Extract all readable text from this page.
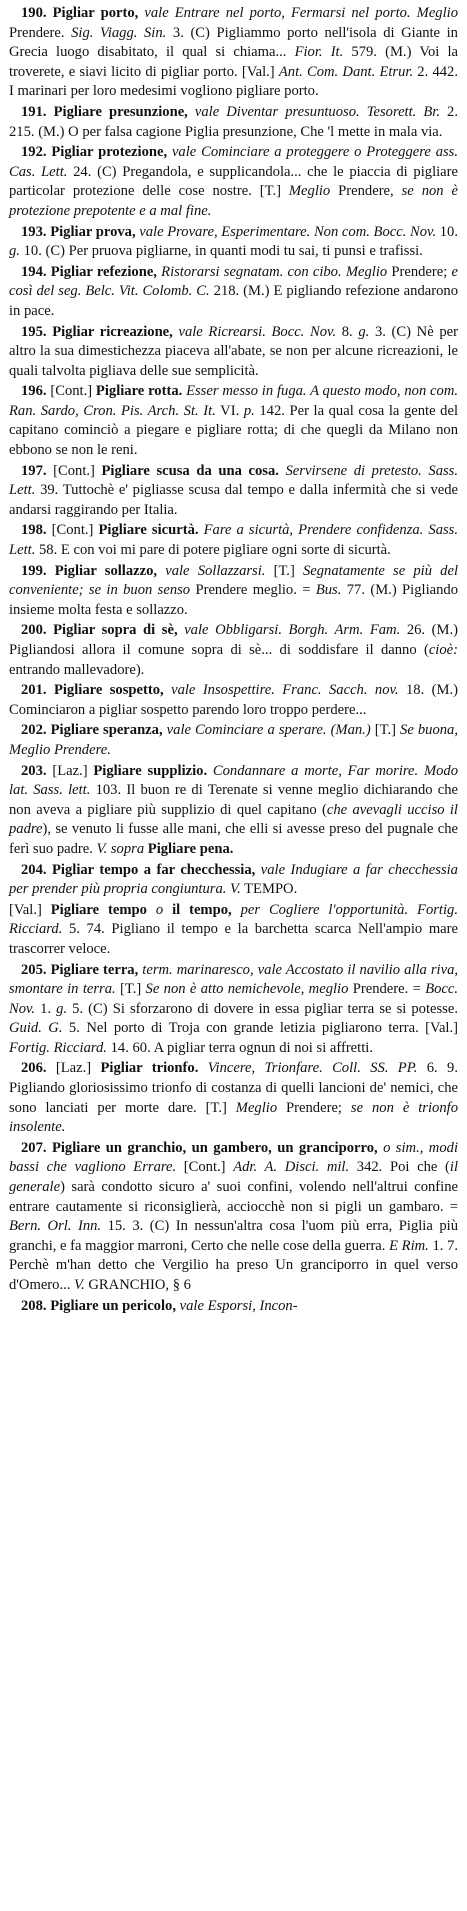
190. Pigliar porto, vale Entrare nel porto, Fermarsi nel porto. Meglio Prendere. Sig. Viagg. Sin. 3. (C) Pigliammo porto nell'isola di Giante in Grecia luogo disabitato, il qual si chiama... Fior. It. 579. (M.) Voi la troverete, e siavi licito di pigliar porto. [Val.] Ant. Com. Dant. Etrur. 2. 442. I marinari per loro medesimi vogliono pigliare porto.

191. Pigliare presunzione, vale Diventar presuntuoso. Tesorett. Br. 2. 215. (M.) O per falsa cagione Piglia presunzione, Che 'l mette in mala via.

192. Pigliar protezione, vale Cominciare a proteggere o Proteggere ass. Cas. Lett. 24. (C) Pregandola, e supplicandola... che le piaccia di pigliare particolar protezione delle cose nostre. [T.] Meglio Prendere, se non è protezione prepotente e a mal fine.

193. Pigliar prova, vale Provare, Esperimentare. Non com. Bocc. Nov. 10. g. 10. (C) Per pruova pigliarne, in quanti modi tu sai, ti punsi e trafissi.

194. Pigliar refezione, Ristorarsi segnatam. con cibo. Meglio Prendere; e così del seg. Belc. Vit. Colomb. C. 218. (M.) E pigliando refezione andarono in pace.

195. Pigliar ricreazione, vale Ricrearsi. Bocc. Nov. 8. g. 3. (C) Nè per altro la sua dimestichezza piaceva all'abate, se non per alcune ricreazioni, le quali talvolta pigliava delle sue semplicità.

196. [Cont.] Pigliare rotta. Esser messo in fuga. A questo modo, non com. Ran. Sardo, Cron. Pis. Arch. St. It. VI. p. 142. Per la qual cosa la gente del capitano cominciò a piegare e pigliare rotta; di che quegli da Milano non ebbono se non le reni.

197. [Cont.] Pigliare scusa da una cosa. Servirsene di pretesto. Sass. Lett. 39. Tuttochè e' pigliasse scusa dal tempo e dalla infermità che si vede andarsi raggirando per Italia.

198. [Cont.] Pigliare sicurtà. Fare a sicurtà, Prendere confidenza. Sass. Lett. 58. E con voi mi pare di potere pigliare ogni sorte di sicurtà.

199. Pigliar sollazzo, vale Sollazzarsi. [T.] Segnatamente se più del conveniente; se in buon senso Prendere meglio. = Bus. 77. (M.) Pigliando insieme molta festa e sollazzo.

200. Pigliar sopra di sè, vale Obbligarsi. Borgh. Arm. Fam. 26. (M.) Pigliandosi allora il comune sopra di sè... di soddisfare il danno (cioè: entrando mallevadore).

201. Pigliare sospetto, vale Insospettire. Franc. Sacch. nov. 18. (M.) Cominciaron a pigliar sospetto parendo loro troppo perdere...

202. Pigliare speranza, vale Cominciare a sperare. (Man.) [T.] Se buona, Meglio Prendere.

203. [Laz.] Pigliare supplizio. Condannare a morte, Far morire. Modo lat. Sass. lett. 103. Il buon re di Terenate si venne meglio dichiarando che non aveva a pigliare più supplizio di quel capitano (che avevagli ucciso il padre), se venuto li fusse alle mani, che elli si avesse preso del pugnale che ferì suo padre. V. sopra Pigliare pena.

204. Pigliar tempo a far checchessia, vale Indugiare a far checchessia per prender più propria congiuntura. V. TEMPO.

[Val.] Pigliare tempo o il tempo, per Cogliere l'opportunità. Fortig. Ricciard. 5. 74. Pigliano il tempo e la barchetta scarca Nell'ampio mare trascorrer veloce.

205. Pigliare terra, term. marinaresco, vale Accostato il navilio alla riva, smontare in terra. [T.] Se non è atto nemichevole, meglio Prendere. = Bocc. Nov. 1. g. 5. (C) Si sforzarono di dovere in essa pigliar terra se si potesse. Guid. G. 5. Nel porto di Troja con grande letizia pigliarono terra. [Val.] Fortig. Ricciard. 14. 60. A pigliar terra ognun di noi si affretti.

206. [Laz.] Pigliar trionfo. Vincere, Trionfare. Coll. SS. PP. 6. 9. Pigliando gloriosissimo trionfo di costanza di quelli lancioni de' nemici, che sono lanciati per morte dare. [T.] Meglio Prendere; se non è trionfo insolente.

207. Pigliare un granchio, un gambero, un granciporro, o sim., modi bassi che vagliono Errare. [Cont.] Adr. A. Disci. mil. 342. Poi che (il generale) sarà condotto sicuro a' suoi confini, volendo nell'altrui confine entrare cautamente si riconsiglierà, acciocchè non si pigli un gambaro. = Bern. Orl. Inn. 15. 3. (C) In nessun'altra cosa l'uom più erra, Piglia più granchi, e fa maggior marroni, Certo che nelle cose della guerra. E Rim. 1. 7. Perchè m'han detto che Vergilio ha preso Un granciporro in quel verso d'Omero... V. GRANCHIO, § 6

208. Pigliare un pericolo, vale Esporsi, Incon-
